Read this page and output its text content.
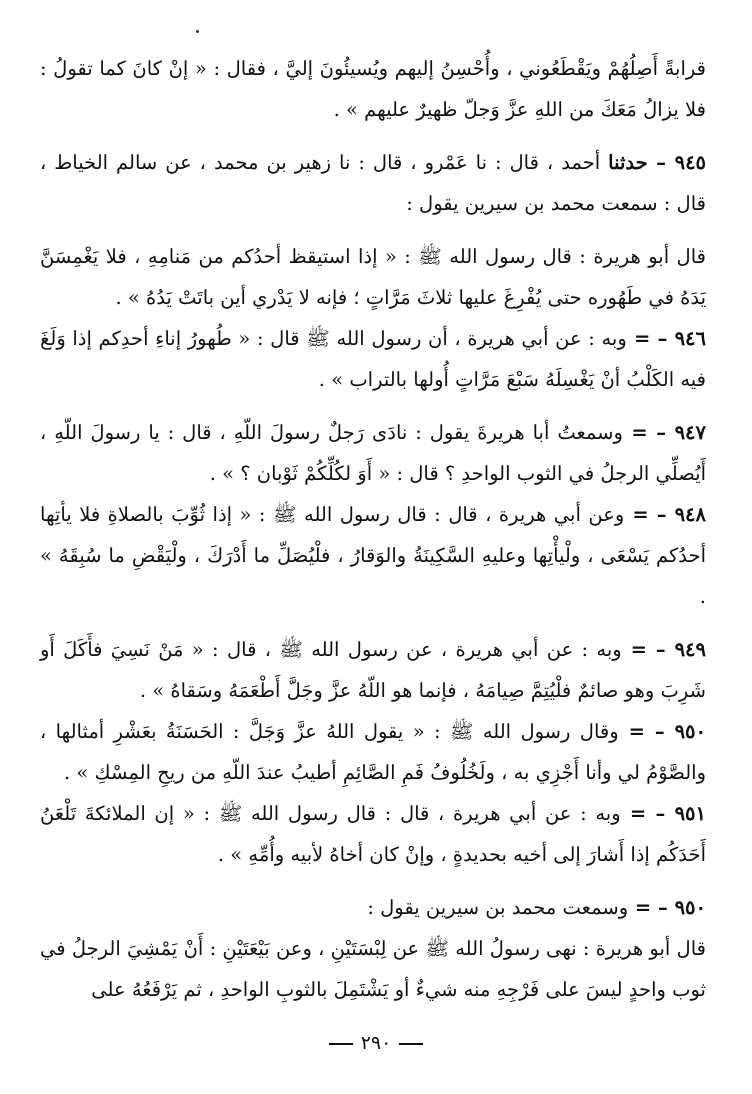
قرابةً أَصِلُهُمْ ويَقْطَعُوني ، وأُحْسِنُ إليهم ويُسيئُونَ إليَّ ، فقال : « إنْ كانَ كما تقولُ : فلا يزالُ مَعَكَ من اللهِ عزَّ وَجلّ ظهيرٌ عليهم » .

٩٤٥ – حدثنا أحمد ، قال : نا عَمْرو ، قال : نا زهير بن محمد ، عن سالم الخياط ، قال : سمعت محمد بن سيرين يقول :

قال أبو هريرة : قال رسول الله ﷺ : « إذا استيقظ أحدُكم من مَنامِهِ ، فلا يَغْمِسَنَّ يَدَهُ في طَهُوره حتى يُفْرِغَ عليها ثلاثَ مَرَّاتٍ ؛ فإنه لا يَدْري أين باتَتْ يَدُهُ » .

٩٤٦ – = وبه : عن أبي هريرة ، أن رسول الله ﷺ قال : « طُهورُ إناءِ أحدِكم إذا وَلَغَ فيه الكَلْبُ أنْ يَغْسِلَهُ سَبْعَ مَرَّاتٍ أُولها بالتراب » .

٩٤٧ – = وسمعتُ أبا هريرةَ يقول : نادَى رَجلٌ رسولَ اللّهِ ، قال : يا رسولَ اللّهِ ، أَيُصلِّي الرجلُ في الثوب الواحدِ ؟ قال : « أَوَ لكُلِّكُمْ ثَوْبان ؟ » .

٩٤٨ – = وعن أبي هريرة ، قال : قال رسول الله ﷺ : « إذا ثُوِّبَ بالصلاةِ فلا يأتِها أحدُكم يَسْعَى ، ولْيأْتِها وعليهِ السَّكِينَةُ والوَقارُ ، فلْيُصَلِّ ما أَدْرَكَ ، ولْيَقْضِ ما سُبِقَهُ » .

٩٤٩ – = وبه : عن أبي هريرة ، عن رسول الله ﷺ ، قال : « مَنْ نَسِيَ فأَكَلَ أَو شَرِبَ وهو صائمٌ فلْيُتِمَّ صِيامَهُ ، فإنما هو اللّهُ عزَّ وجَلَّ أَطْعَمَهُ وسَقاهُ » .

٩٥٠ – = وقال رسول الله ﷺ : « يقول اللهُ عزَّ وَجَلَّ : الحَسَنَةُ بعَشْرِ أمثالها ، والصَّوْمُ لي وأنا أَجْزِي به ، ولَخُلُوفُ فَمِ الصَّائِمِ أطيبُ عندَ اللّهِ من ريحِ المِسْكِ » .

٩٥١ – = وبه : عن أبي هريرة ، قال : قال رسول الله ﷺ : « إن الملائكةَ تَلْعَنُ أَحَدَكُم إذا أَشارَ إلى أخيه بحديدةٍ ، وإنْ كان أخاهُ لأبيه وأُمِّهِ » .

٩٥٠ – = وسمعت محمد بن سيرين يقول :

قال أبو هريرة : نهى رسولُ الله ﷺ عن لِبْسَتَيْنِ ، وعن بَيْعَتَيْنِ : أَنْ يَمْشِيَ الرجلُ في ثوب واحدٍ ليسَ على فَرْجِهِ منه شيءٌ أو يَشْتَمِلَ بالثوبِ الواحدِ ، ثم يَرْفَعُهُ على

٢٩٠
